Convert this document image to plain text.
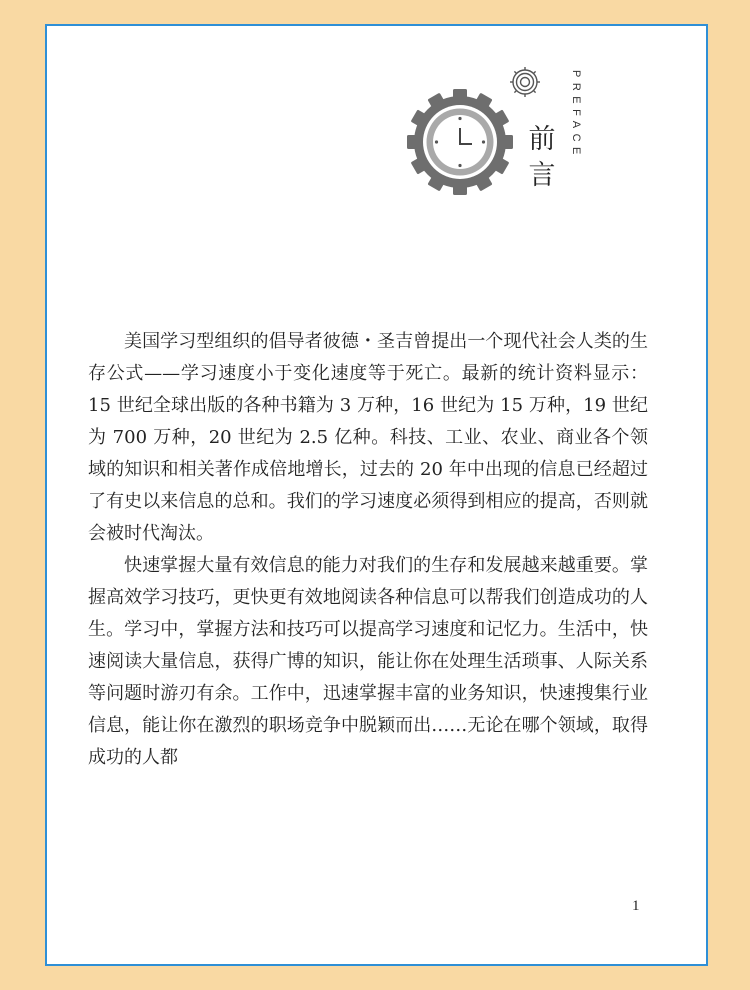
前言
PREFACE

美国学习型组织的倡导者彼德・圣吉曾提出一个现代社会人类的生存公式——学习速度小于变化速度等于死亡。最新的统计资料显示：15 世纪全球出版的各种书籍为 3 万种，16 世纪为 15 万种，19 世纪为 700 万种，20 世纪为 2.5 亿种。科技、工业、农业、商业各个领域的知识和相关著作成倍地增长，过去的 20 年中出现的信息已经超过了有史以来信息的总和。我们的学习速度必须得到相应的提高，否则就会被时代淘汰。

快速掌握大量有效信息的能力对我们的生存和发展越来越重要。掌握高效学习技巧，更快更有效地阅读各种信息可以帮我们创造成功的人生。学习中，掌握方法和技巧可以提高学习速度和记忆力。生活中，快速阅读大量信息，获得广博的知识，能让你在处理生活琐事、人际关系等问题时游刃有余。工作中，迅速掌握丰富的业务知识，快速搜集行业信息，能让你在激烈的职场竞争中脱颖而出……无论在哪个领域，取得成功的人都

1
